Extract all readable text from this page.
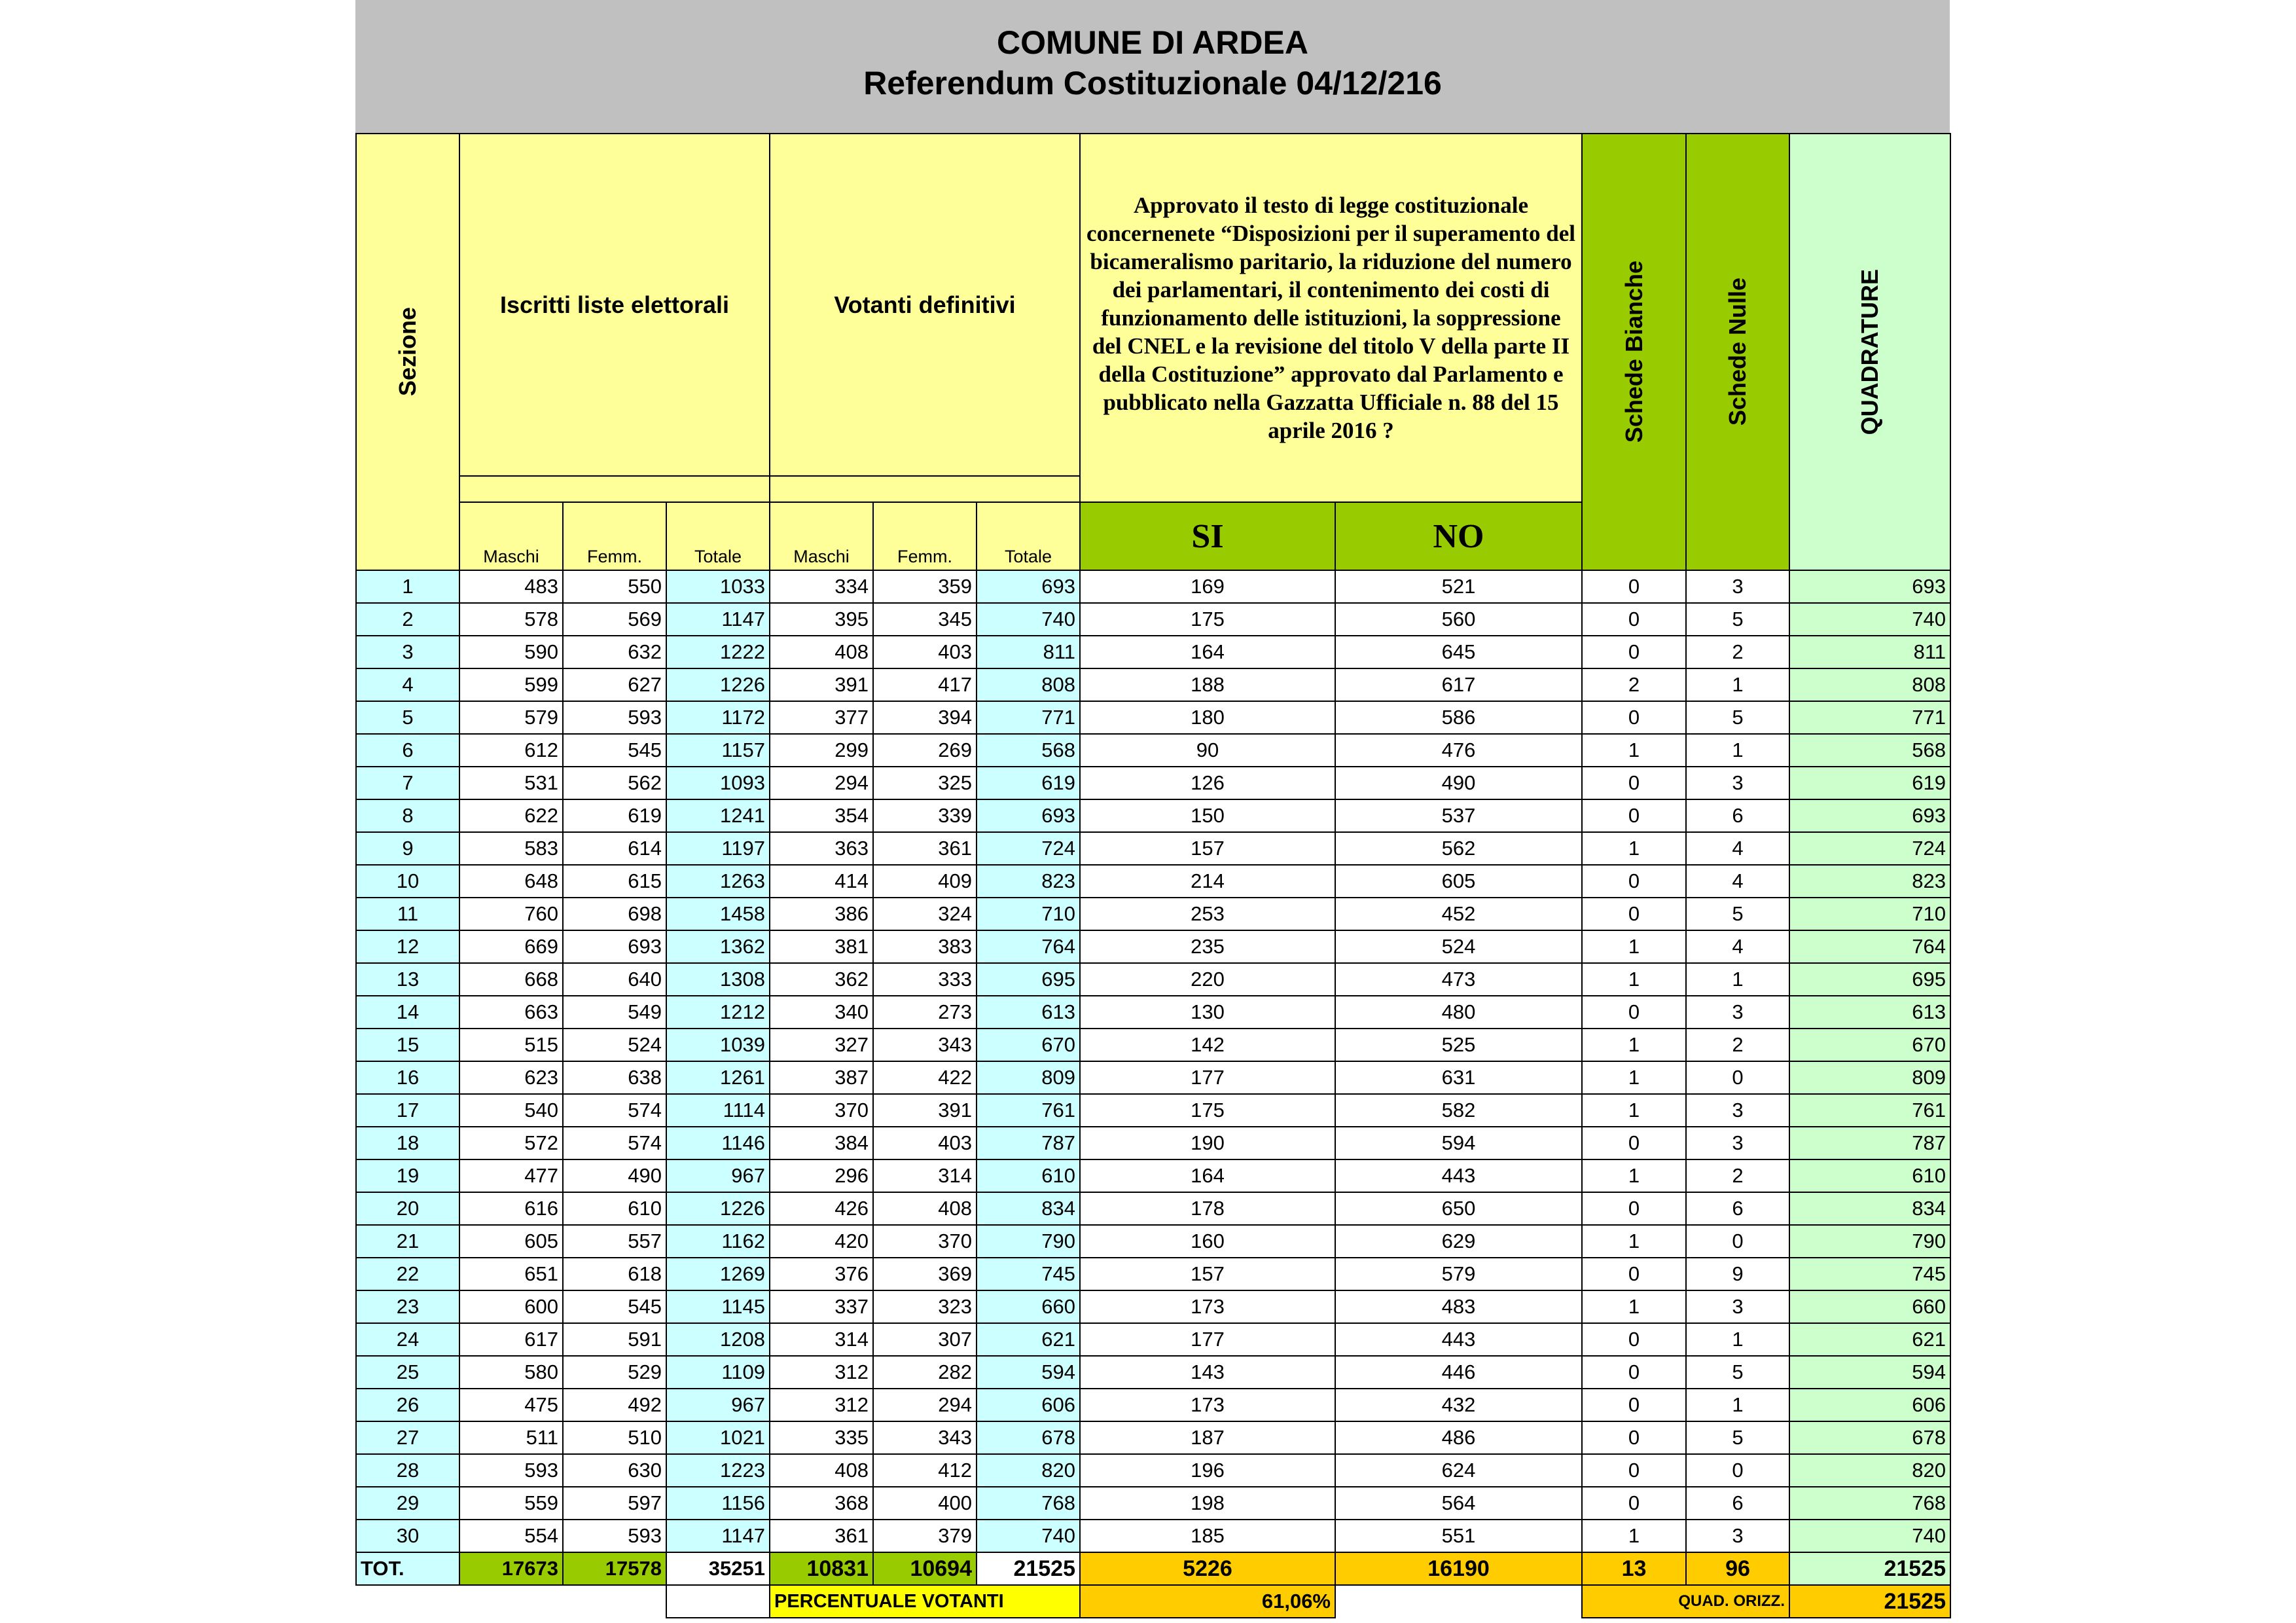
COMUNE DI ARDEA
Referendum Costituzionale 04/12/216
Sezione	Iscritti liste elettorali			Votanti definitivi			Approvato il testo di legge costituzionale concernenete “Disposizioni per il superamento del bicameralismo paritario, la riduzione del numero dei parlamentari, il contenimento dei costi di funzionamento delle istituzioni, la soppressione del CNEL e la revisione del titolo V della parte II della Costituzione” approvato dal Parlamento e pubblicato nella Gazzatta Ufficiale n. 88 del 15 aprile 2016 ?		Schede Bianche	Schede Nulle	QUADRATURE

	Maschi	Femm.	Totale	Maschi	Femm.	Totale	SI	NO			
1	483	550	1033	334	359	693	169	521	0	3	693
2	578	569	1147	395	345	740	175	560	0	5	740
3	590	632	1222	408	403	811	164	645	0	2	811
4	599	627	1226	391	417	808	188	617	2	1	808
5	579	593	1172	377	394	771	180	586	0	5	771
6	612	545	1157	299	269	568	90	476	1	1	568
7	531	562	1093	294	325	619	126	490	0	3	619
8	622	619	1241	354	339	693	150	537	0	6	693
9	583	614	1197	363	361	724	157	562	1	4	724
10	648	615	1263	414	409	823	214	605	0	4	823
11	760	698	1458	386	324	710	253	452	0	5	710
12	669	693	1362	381	383	764	235	524	1	4	764
13	668	640	1308	362	333	695	220	473	1	1	695
14	663	549	1212	340	273	613	130	480	0	3	613
15	515	524	1039	327	343	670	142	525	1	2	670
16	623	638	1261	387	422	809	177	631	1	0	809
17	540	574	1114	370	391	761	175	582	1	3	761
18	572	574	1146	384	403	787	190	594	0	3	787
19	477	490	967	296	314	610	164	443	1	2	610
20	616	610	1226	426	408	834	178	650	0	6	834
21	605	557	1162	420	370	790	160	629	1	0	790
22	651	618	1269	376	369	745	157	579	0	9	745
23	600	545	1145	337	323	660	173	483	1	3	660
24	617	591	1208	314	307	621	177	443	0	1	621
25	580	529	1109	312	282	594	143	446	0	5	594
26	475	492	967	312	294	606	173	432	0	1	606
27	511	510	1021	335	343	678	187	486	0	5	678
28	593	630	1223	408	412	820	196	624	0	0	820
29	559	597	1156	368	400	768	198	564	0	6	768
30	554	593	1147	361	379	740	185	551	1	3	740
TOT.	17673	17578	35251	10831	10694	21525	5226	16190	13	96	21525
				PERCENTUALE VOTANTI			61,06%		QUAD. ORIZZ.		21525
